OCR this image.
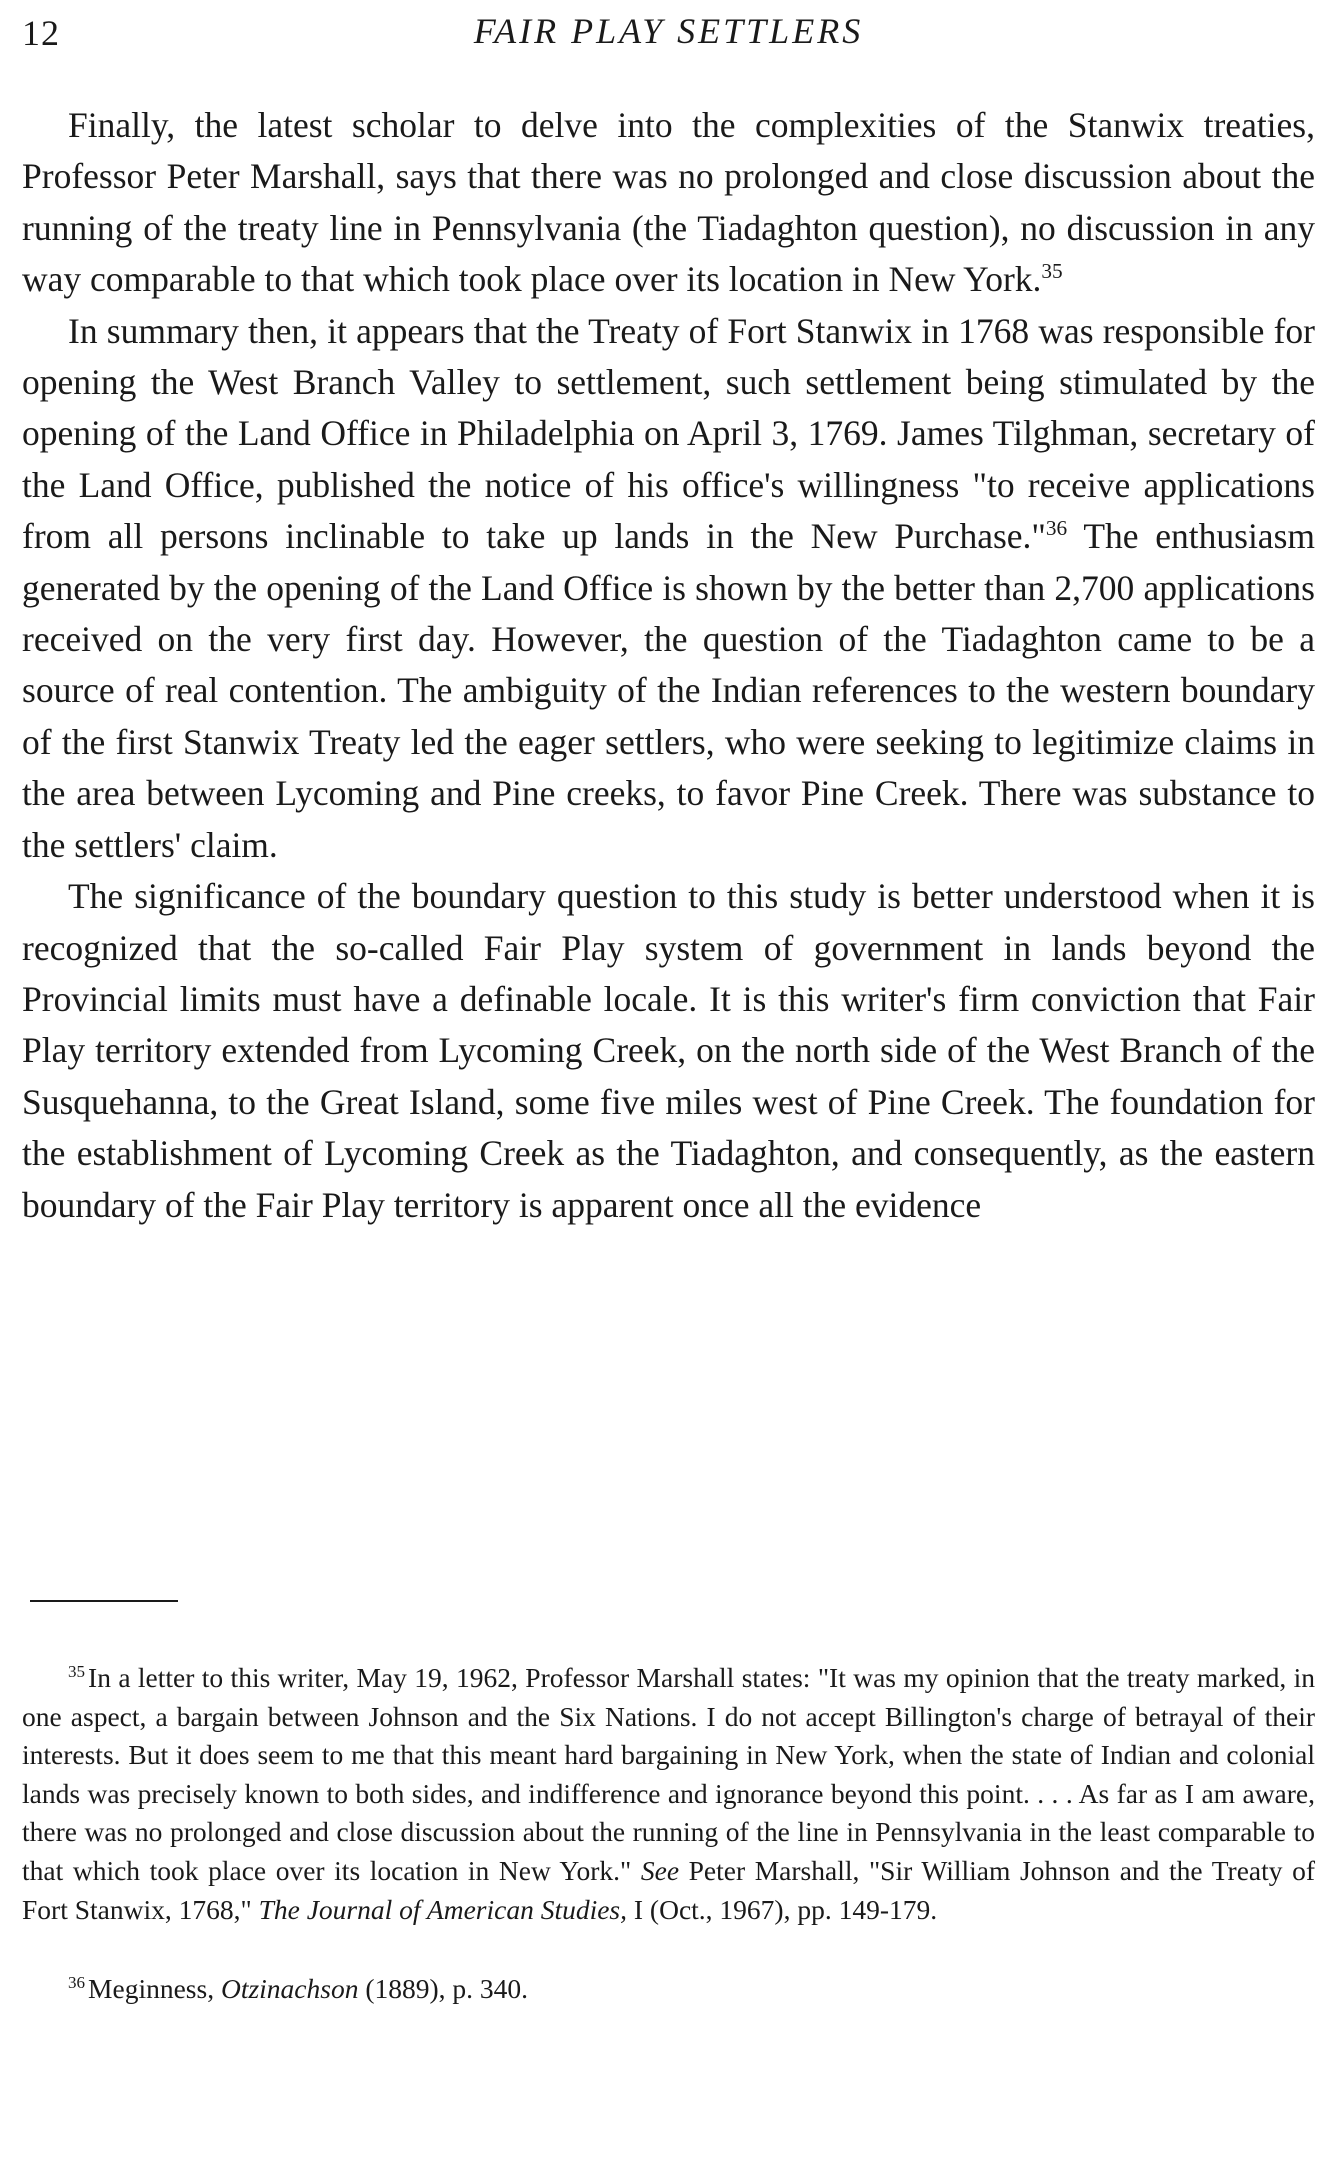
12	FAIR PLAY SETTLERS

Finally, the latest scholar to delve into the complexities of the Stanwix treaties, Professor Peter Marshall, says that there was no prolonged and close discussion about the running of the treaty line in Pennsylvania (the Tiadaghton question), no discussion in any way comparable to that which took place over its location in New York.$^{35}$

In summary then, it appears that the Treaty of Fort Stanwix in 1768 was responsible for opening the West Branch Valley to settlement, such settlement being stimulated by the opening of the Land Office in Philadelphia on April 3, 1769. James Tilghman, secretary of the Land Office, published the notice of his office's willingness "to receive applications from all persons inclinable to take up lands in the New Purchase."$^{36}$ The enthusiasm generated by the opening of the Land Office is shown by the better than 2,700 applications received on the very first day. However, the question of the Tiadaghton came to be a source of real contention. The ambiguity of the Indian references to the western boundary of the first Stanwix Treaty led the eager settlers, who were seeking to legitimize claims in the area between Lycoming and Pine creeks, to favor Pine Creek. There was substance to the settlers' claim.

The significance of the boundary question to this study is better understood when it is recognized that the so-called Fair Play system of government in lands beyond the Provincial limits must have a definable locale. It is this writer's firm conviction that Fair Play territory extended from Lycoming Creek, on the north side of the West Branch of the Susquehanna, to the Great Island, some five miles west of Pine Creek. The foundation for the establishment of Lycoming Creek as the Tiadaghton, and consequently, as the eastern boundary of the Fair Play territory is apparent once all the evidence

$^{35}$ In a letter to this writer, May 19, 1962, Professor Marshall states: "It was my opinion that the treaty marked, in one aspect, a bargain between Johnson and the Six Nations. I do not accept Billington's charge of betrayal of their interests. But it does seem to me that this meant hard bargaining in New York, when the state of Indian and colonial lands was precisely known to both sides, and indifference and ignorance beyond this point. . . . As far as I am aware, there was no prolonged and close discussion about the running of the line in Pennsylvania in the least comparable to that which took place over its location in New York." See Peter Marshall, "Sir William Johnson and the Treaty of Fort Stanwix, 1768," The Journal of American Studies, I (Oct., 1967), pp. 149-179.

$^{36}$ Meginness, Otzinachson (1889), p. 340.
